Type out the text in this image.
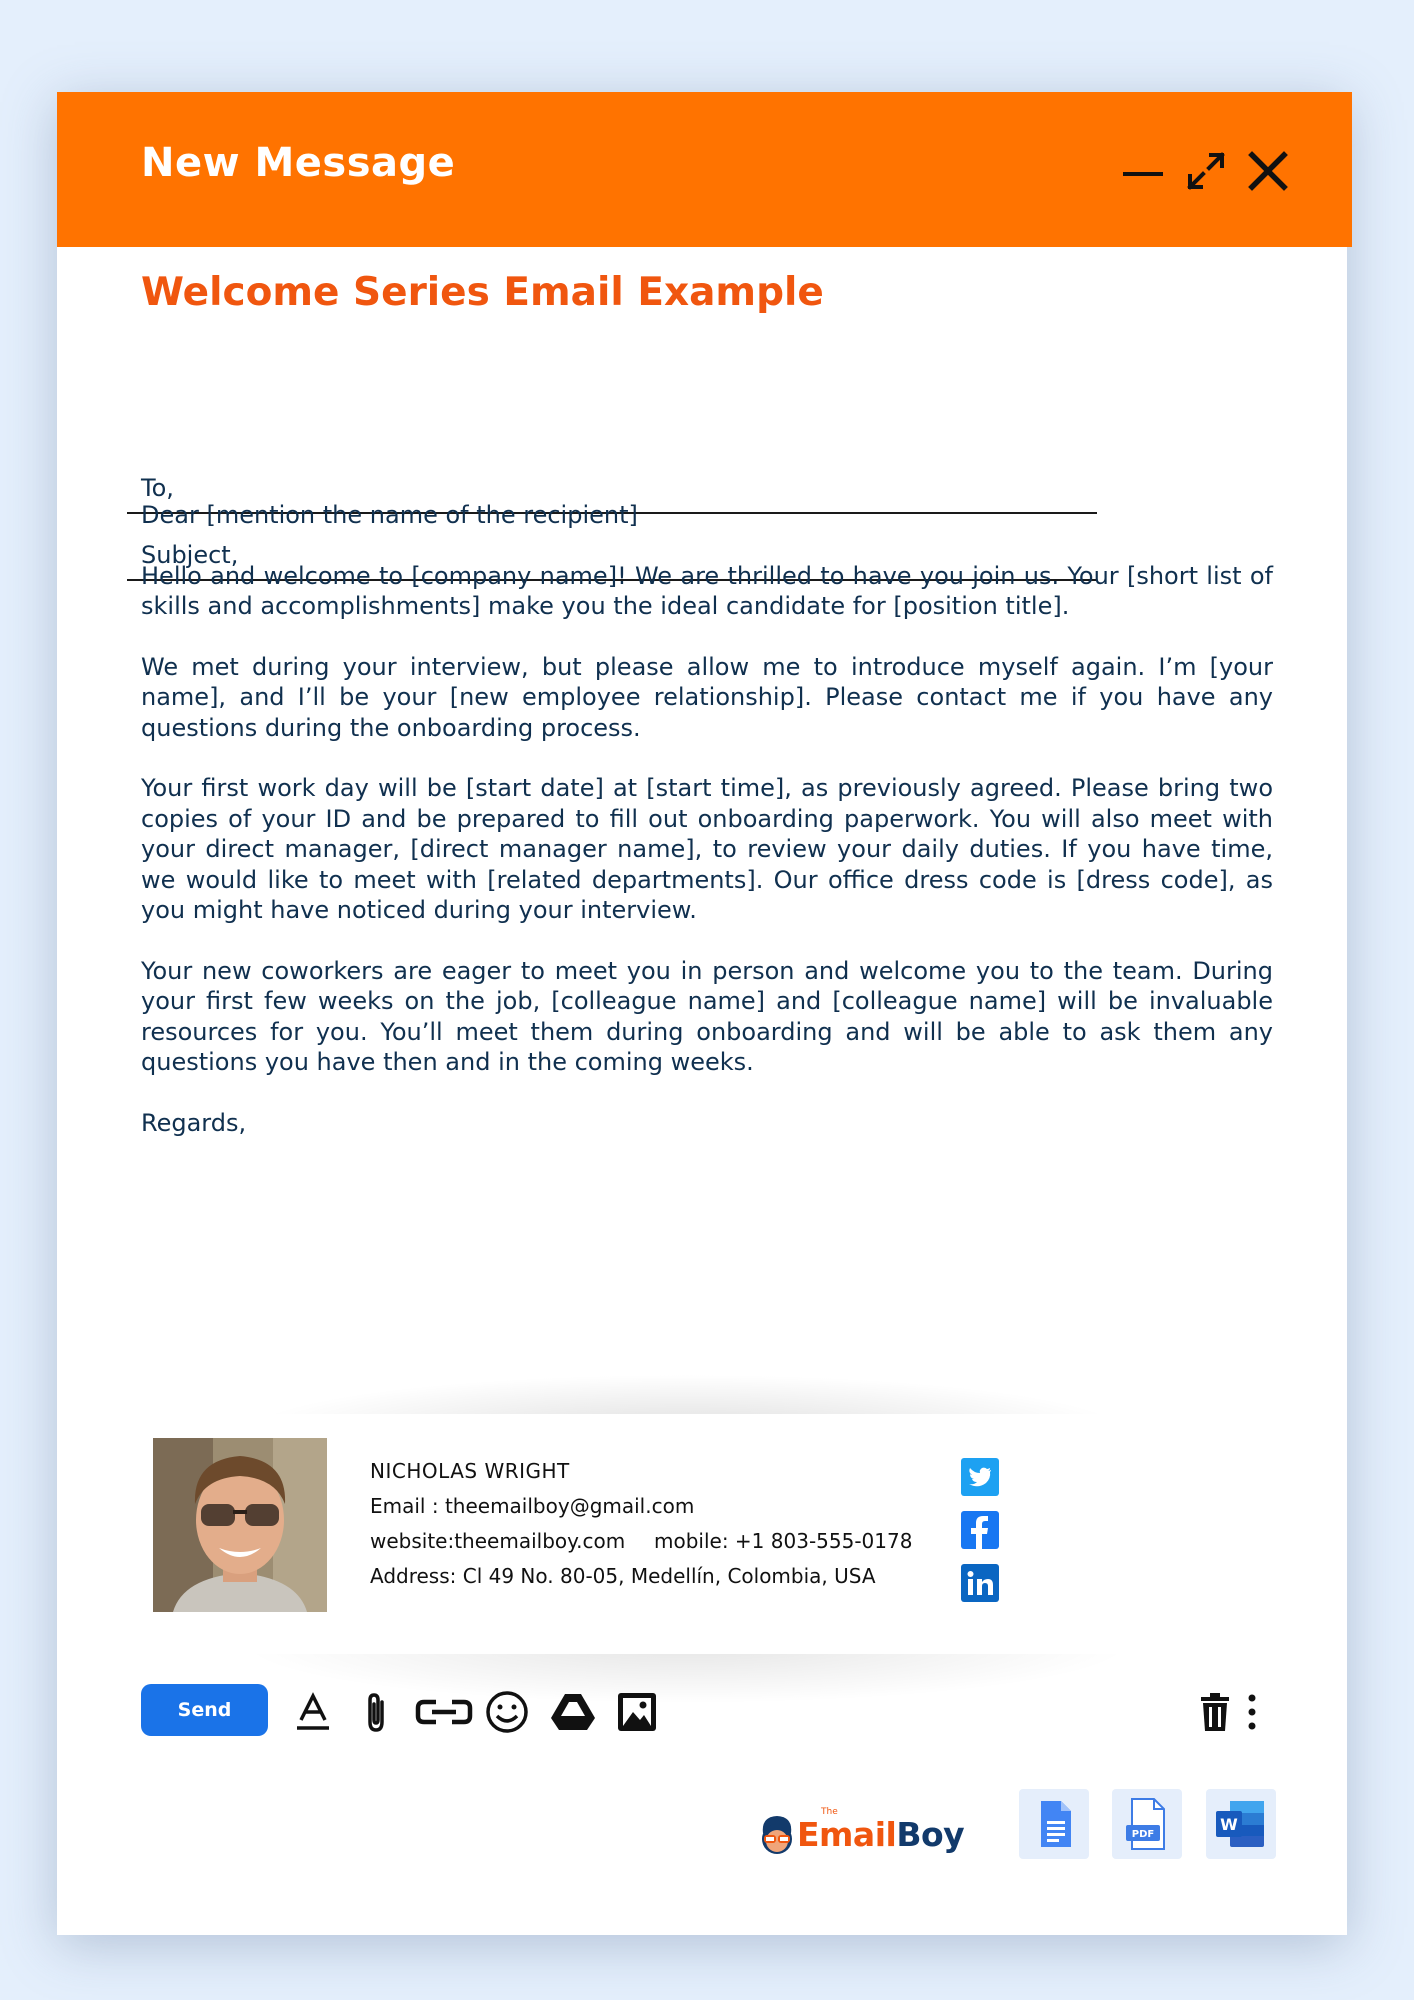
New Message
Welcome Series Email Example
To,
Subject,

Dear [mention the name of the recipient]

Hello and welcome to [company name]! We are thrilled to have you join us. Your [short list of skills and accomplishments] make you the ideal candidate for [position title].

We met during your interview, but please allow me to introduce myself again. I’m [your name], and I’ll be your [new employee relationship]. Please contact me if you have any questions during the onboarding process.

Your first work day will be [start date] at [start time], as previously agreed. Please bring two copies of your ID and be prepared to fill out onboarding paperwork. You will also meet with your direct manager, [direct manager name], to review your daily duties. If you have time, we would like to meet with [related departments]. Our office dress code is [dress code], as you might have noticed during your interview.

Your new coworkers are eager to meet you in person and welcome you to the team. During your first few weeks on the job, [colleague name] and [colleague name] will be invaluable resources for you. You’ll meet them during onboarding and will be able to ask them any questions you have then and in the coming weeks.

Regards,

NICHOLAS WRIGHT
Email : theemailboy@gmail.com
website:theemailboy.com mobile: +1 803-555-0178
Address: Cl 49 No. 80-05, Medellín, Colombia, USA
Send
The
EmailBoy	PDF
W
